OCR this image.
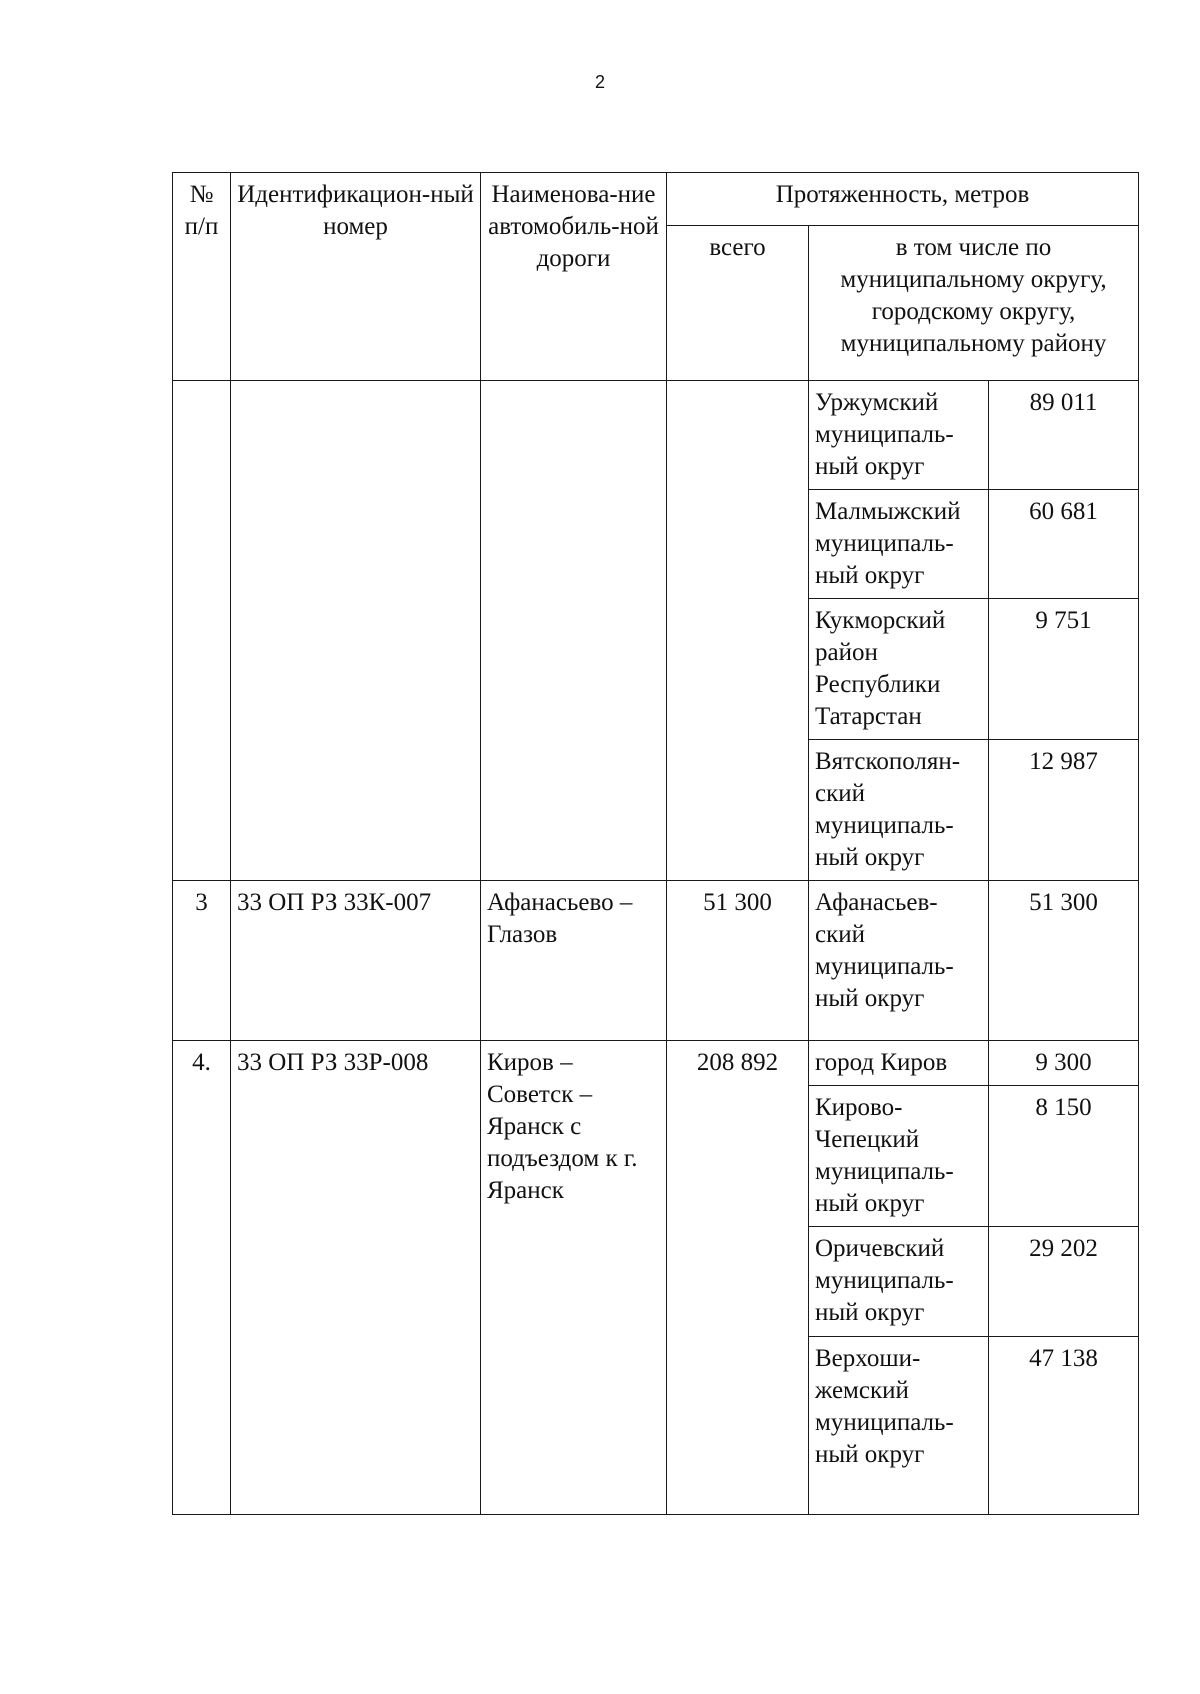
2
№ п/п	Идентификацион-ный номер	Наименова-ние автомобиль-ной дороги	Протяженность, метров		
			всего	в том числе по муниципальному округу, городскому округу, муниципальному району	
				Уржумский муниципаль-ный округ	89 011
				Малмыжский муниципаль-ный округ	60 681
				Кукморский район Республики Татарстан	9 751
				Вятскополян-ский муниципаль-ный округ	12 987
3	33 ОП РЗ 33К-007	Афанасьево – Глазов	51 300	Афанасьев-ский муниципаль-ный округ	51 300
4.	33 ОП РЗ 33Р-008	Киров – Советск – Яранск с подъездом к г. Яранск	208 892	город Киров	9 300
				Кирово-Чепецкий муниципаль-ный округ	8 150
				Оричевский муниципаль-ный округ	29 202
				Верхоши-жемский муниципаль-ный округ	47 138
